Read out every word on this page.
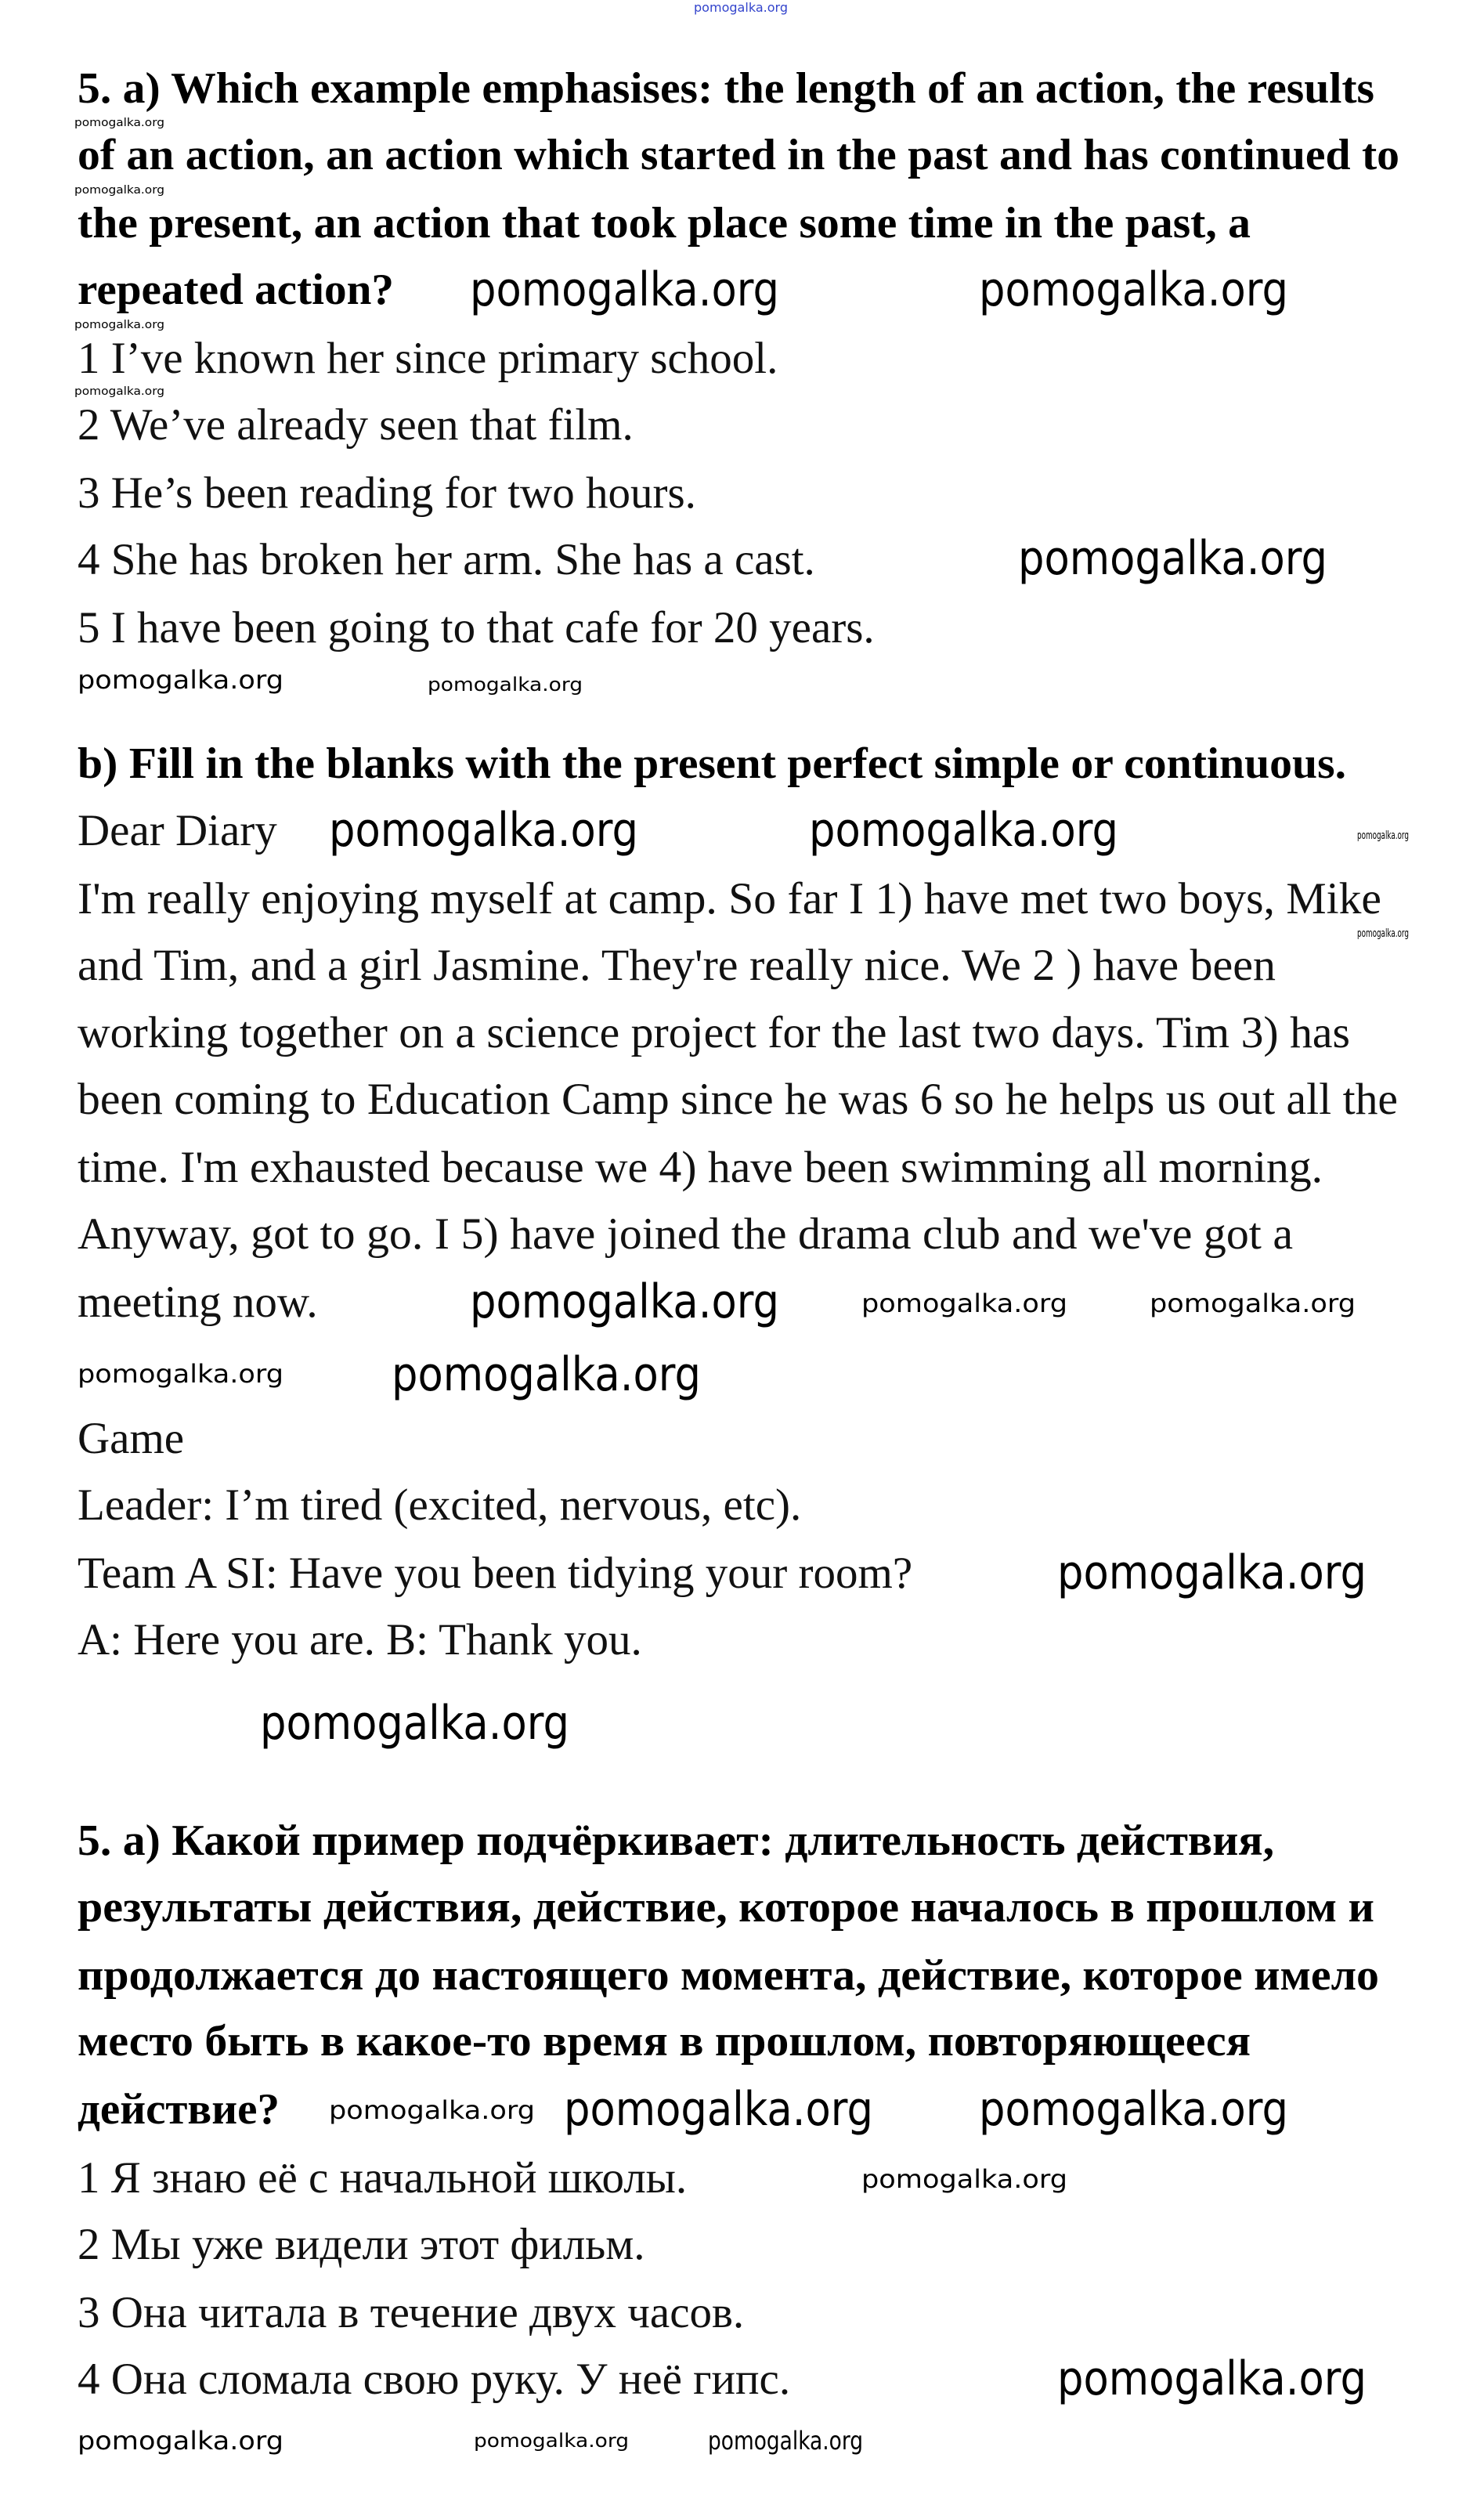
pomogalka.org
5. a) Which example emphasises: the length of an action, the results
of an action, an action which started in the past and has continued to
the present, an action that took place some time in the past, a
repeated action?
1 I’ve known her since primary school.
2 We’ve already seen that film.
3 He’s been reading for two hours.
4 She has broken her arm. She has a cast.
5 I have been going to that cafe for 20 years.
b) Fill in the blanks with the present perfect simple or continuous.
Dear Diary
I'm really enjoying myself at camp. So far I 1) have met two boys, Mike
and Tim, and a girl Jasmine. They're really nice. We 2 ) have been
working together on a science project for the last two days. Tim 3) has
been coming to Education Camp since he was 6 so he helps us out all the
time. I'm exhausted because we 4) have been swimming all morning.
Anyway, got to go. I 5) have joined the drama club and we've got a
meeting now.
Game
Leader: I’m tired (excited, nervous, etc).
Team A SI: Have you been tidying your room?
A: Here you are. B: Thank you.
5. а) Какой пример подчёркивает: длительность действия,
результаты действия, действие, которое началось в прошлом и
продолжается до настоящего момента, действие, которое имело
место быть в какое-то время в прошлом, повторяющееся
действие?
1 Я знаю её с начальной школы.
2 Мы уже видели этот фильм.
3 Она читала в течение двух часов.
4 Она сломала свою руку. У неё гипс.
pomogalka.org	pomogalka.org
pomogalka.org
pomogalka.org	pomogalka.org
pomogalka.org
pomogalka.org
pomogalka.org
pomogalka.org
pomogalka.org pomogalka.org
pomogalka.org
pomogalka.org
pomogalka.org
pomogalka.org	pomogalka.org
pomogalka.org
pomogalka.org
pomogalka.org	pomogalka.org
pomogalka.org
pomogalka.org
pomogalka.org
pomogalka.org
pomogalka.org
pomogalka.org
pomogalka.org
pomogalka.org
